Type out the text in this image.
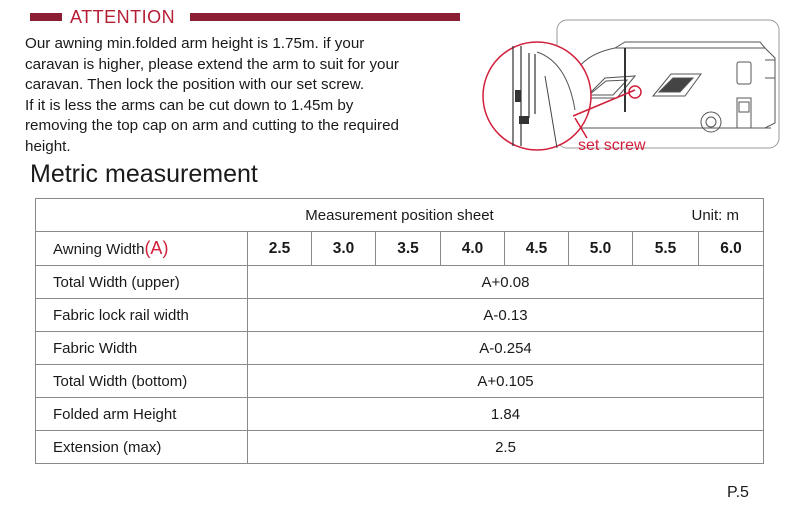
ATTENTION
Our awning min.folded arm height is 1.75m. if your
caravan is higher, please extend the arm to suit for your
caravan. Then lock the position with our set screw.
If it is less the arms can be cut down to 1.45m by
removing the top cap on arm and cutting to the required
height.	set screw
Metric measurement
Measurement position sheet Unit: m								

Awning Width(A)	2.5	3.0	3.5	4.0	4.5	5.0	5.5	6.0
Total Width (upper)	A+0.08							
Fabric lock rail width	A-0.13							
Fabric Width	A-0.254							
Total Width (bottom)	A+0.105							
Folded arm Height	1.84							
Extension (max)	2.5							
P.5
